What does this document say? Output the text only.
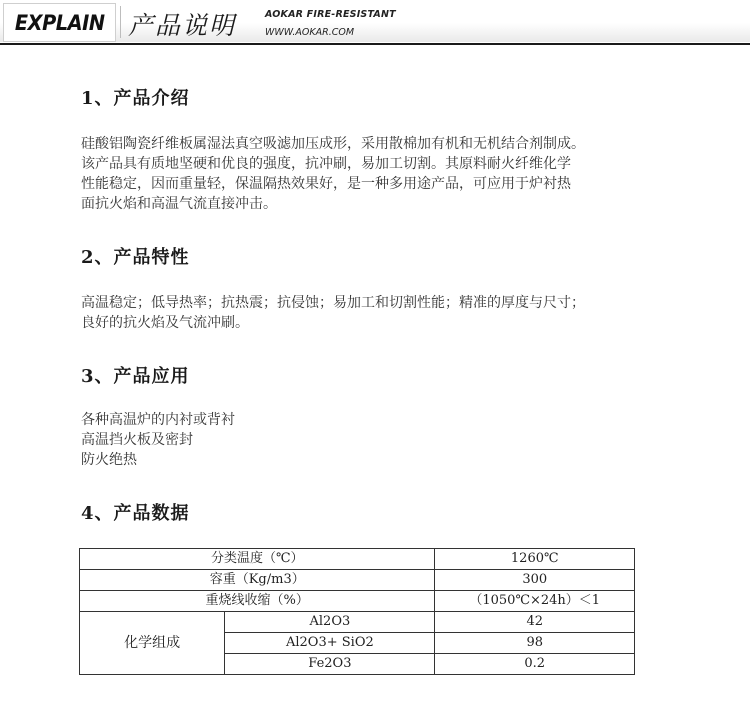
EXPLAIN 产品说明	AOKAR FIRE-RESISTANT
WWW.AOKAR.COM
1、产品介绍
硅酸铝陶瓷纤维板属湿法真空吸滤加压成形，采用散棉加有机和无机结合剂制成。
该产品具有质地坚硬和优良的强度，抗冲刷，易加工切割。其原料耐火纤维化学
性能稳定，因而重量轻，保温隔热效果好，是一种多用途产品，可应用于炉衬热
面抗火焰和高温气流直接冲击。
2、产品特性
高温稳定；低导热率；抗热震；抗侵蚀；易加工和切割性能；精准的厚度与尺寸；
良好的抗火焰及气流冲刷。
3、产品应用
各种高温炉的内衬或背衬
高温挡火板及密封
防火绝热
4、产品数据
分类温度（℃）		1260℃
容重（Kg/m3）		300
重烧线收缩（%）		（1050℃×24h）＜1
化学组成	Al2O3	42
	Al2O3+ SiO2	98
	Fe2O3	0.2
